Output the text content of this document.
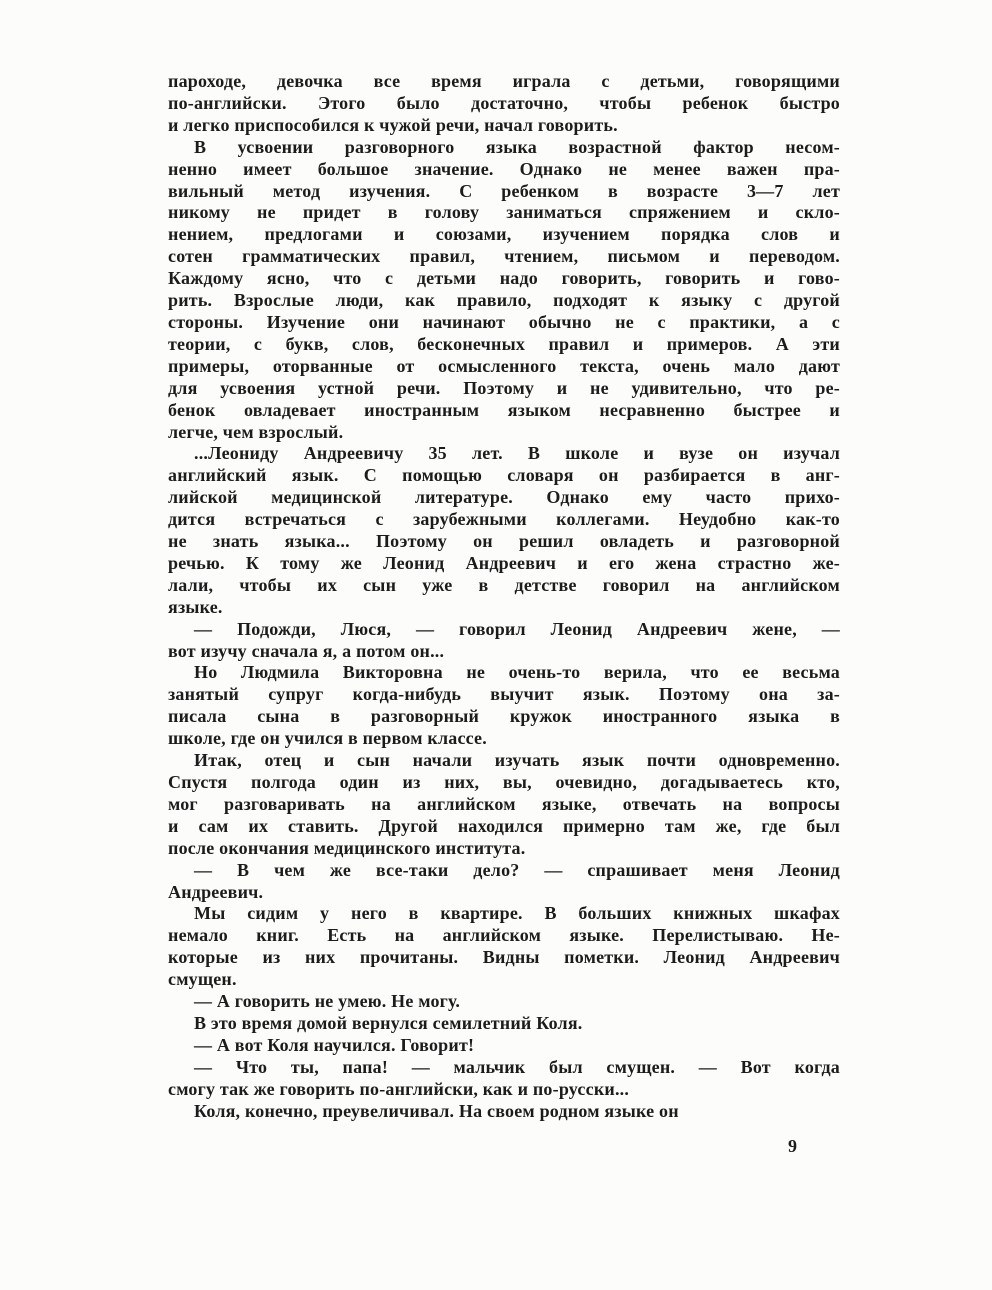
пароходе, девочка все время играла с детьми, говорящими
по-английски. Этого было достаточно, чтобы ребенок быстро
и легко приспособился к чужой речи, начал говорить.
В усвоении разговорного языка возрастной фактор несом-
ненно имеет большое значение. Однако не менее важен пра-
вильный метод изучения. С ребенком в возрасте 3—7 лет
никому не придет в голову заниматься спряжением и скло-
нением, предлогами и союзами, изучением порядка слов и
сотен грамматических правил, чтением, письмом и переводом.
Каждому ясно, что с детьми надо говорить, говорить и гово-
рить. Взрослые люди, как правило, подходят к языку с другой
стороны. Изучение они начинают обычно не с практики, а с
теории, с букв, слов, бесконечных правил и примеров. А эти
примеры, оторванные от осмысленного текста, очень мало дают
для усвоения устной речи. Поэтому и не удивительно, что ре-
бенок овладевает иностранным языком несравненно быстрее и
легче, чем взрослый.
...Леониду Андреевичу 35 лет. В школе и вузе он изучал
английский язык. С помощью словаря он разбирается в анг-
лийской медицинской литературе. Однако ему часто прихо-
дится встречаться с зарубежными коллегами. Неудобно как-то
не знать языка... Поэтому он решил овладеть и разговорной
речью. К тому же Леонид Андреевич и его жена страстно же-
лали, чтобы их сын уже в детстве говорил на английском
языке.
— Подожди, Люся, — говорил Леонид Андреевич жене, —
вот изучу сначала я, а потом он...
Но Людмила Викторовна не очень-то верила, что ее весьма
занятый супруг когда-нибудь выучит язык. Поэтому она за-
писала сына в разговорный кружок иностранного языка в
школе, где он учился в первом классе.
Итак, отец и сын начали изучать язык почти одновременно.
Спустя полгода один из них, вы, очевидно, догадываетесь кто,
мог разговаривать на английском языке, отвечать на вопросы
и сам их ставить. Другой находился примерно там же, где был
после окончания медицинского института.
— В чем же все-таки дело? — спрашивает меня Леонид
Андреевич.
Мы сидим у него в квартире. В больших книжных шкафах
немало книг. Есть на английском языке. Перелистываю. Не-
которые из них прочитаны. Видны пометки. Леонид Андреевич
смущен.
— А говорить не умею. Не могу.
В это время домой вернулся семилетний Коля.
— А вот Коля научился. Говорит!
— Что ты, папа! — мальчик был смущен. — Вот когда
смогу так же говорить по-английски, как и по-русски...
Коля, конечно, преувеличивал. На своем родном языке он
9
